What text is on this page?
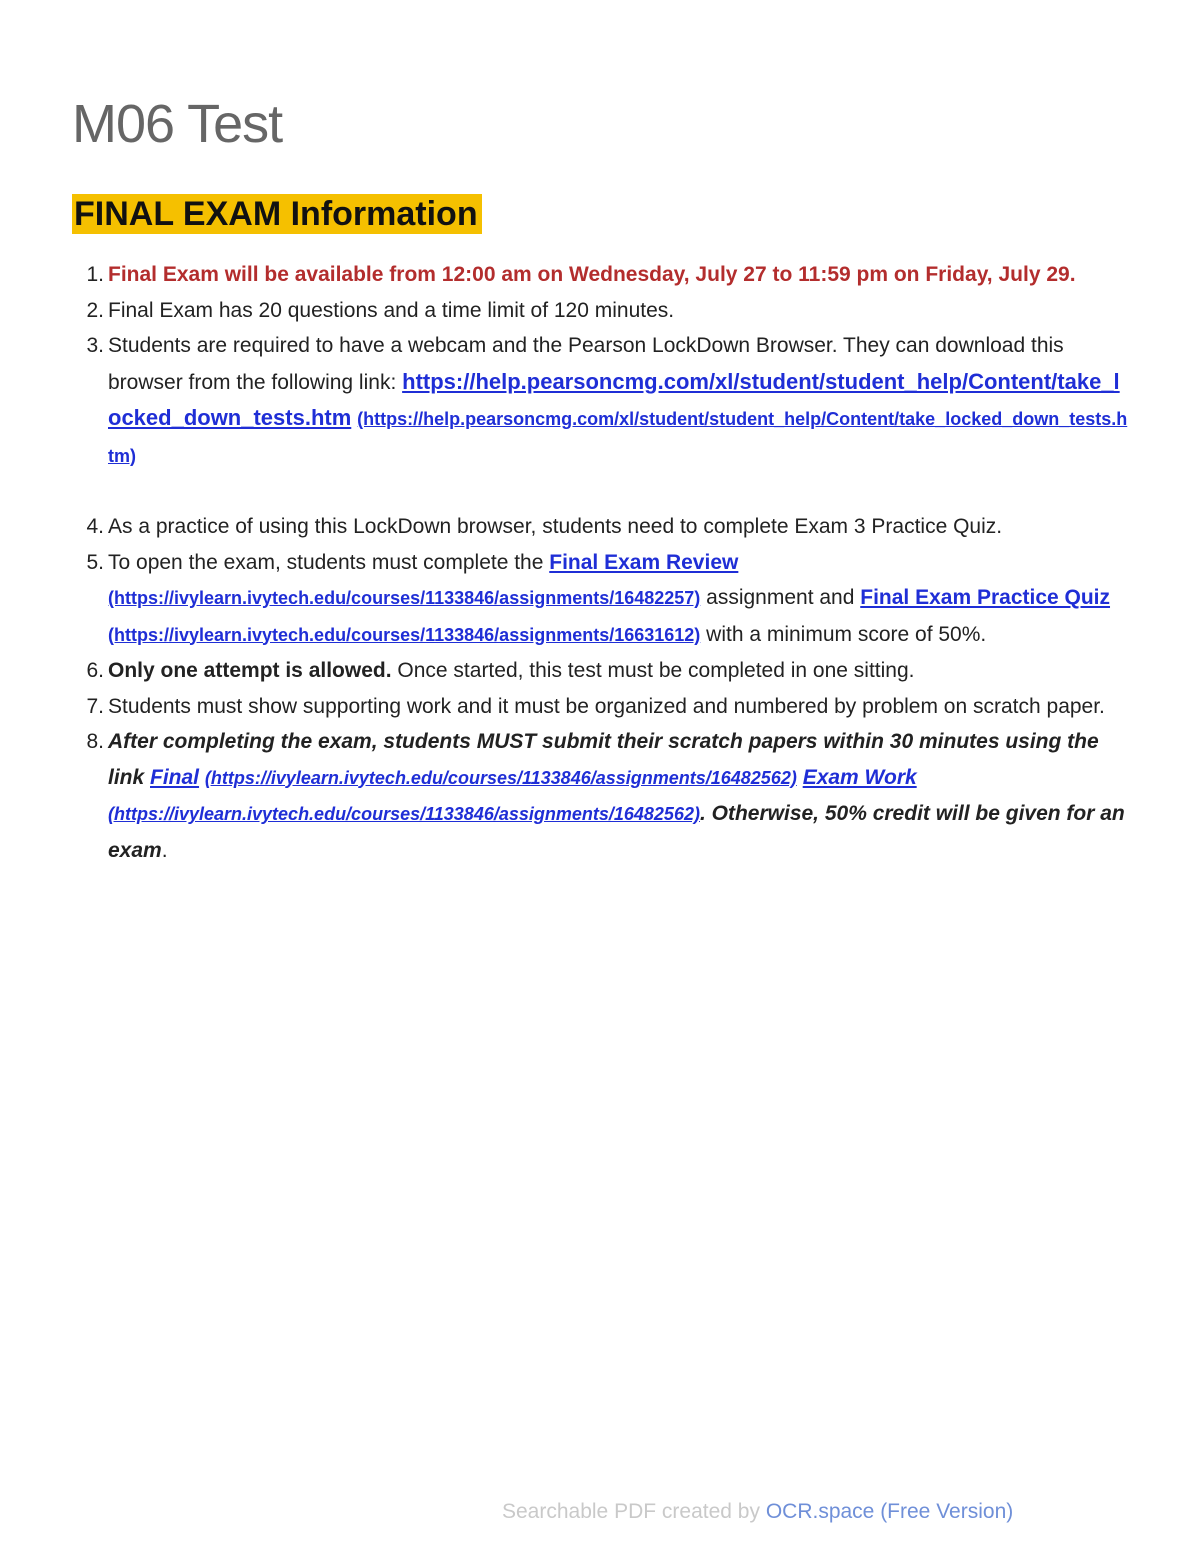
M06 Test
FINAL EXAM Information
1. Final Exam will be available from 12:00 am on Wednesday, July 27 to 11:59 pm on Friday, July 29.
2. Final Exam has 20 questions and a time limit of 120 minutes.
3. Students are required to have a webcam and the Pearson LockDown Browser. They can download this browser from the following link: https://help.pearsoncmg.com/xl/student/student_help/Content/take_locked_down_tests.htm (https://help.pearsoncmg.com/xl/student/student_help/Content/take_locked_down_tests.htm)
4. As a practice of using this LockDown browser, students need to complete Exam 3 Practice Quiz.
5. To open the exam, students must complete the Final Exam Review (https://ivylearn.ivytech.edu/courses/1133846/assignments/16482257) assignment and Final Exam Practice Quiz (https://ivylearn.ivytech.edu/courses/1133846/assignments/16631612) with a minimum score of 50%.
6. Only one attempt is allowed. Once started, this test must be completed in one sitting.
7. Students must show supporting work and it must be organized and numbered by problem on scratch paper.
8. After completing the exam, students MUST submit their scratch papers within 30 minutes using the link Final (https://ivylearn.ivytech.edu/courses/1133846/assignments/16482562) Exam Work (https://ivylearn.ivytech.edu/courses/1133846/assignments/16482562). Otherwise, 50% credit will be given for an exam.
Searchable PDF created by OCR.space (Free Version)
